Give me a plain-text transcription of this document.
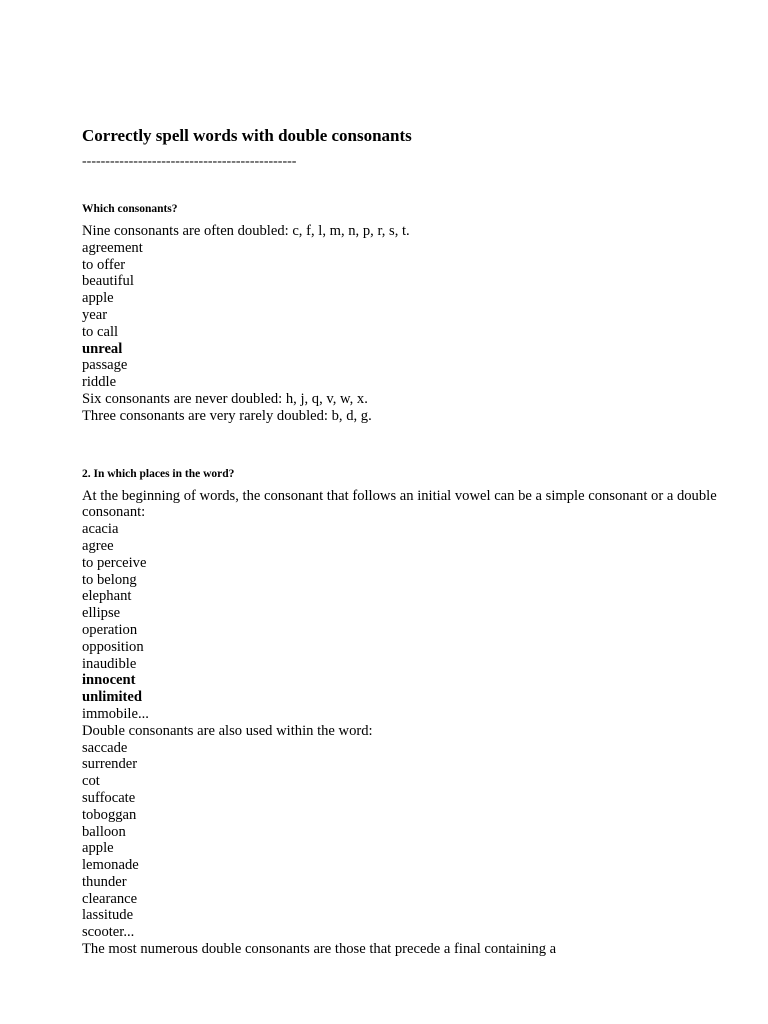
Correctly spell words with double consonants
----------------------------------------------
Which consonants?
Nine consonants are often doubled: c, f, l, m, n, p, r, s, t.
agreement
to offer
beautiful
apple
year
to call
unreal
passage
riddle
Six consonants are never doubled: h, j, q, v, w, x.
Three consonants are very rarely doubled: b, d, g.
2. In which places in the word?
At the beginning of words, the consonant that follows an initial vowel can be a simple consonant or a double consonant:
acacia
agree
to perceive
to belong
elephant
ellipse
operation
opposition
inaudible
innocent
unlimited
immobile...
Double consonants are also used within the word:
saccade
surrender
cot
suffocate
toboggan
balloon
apple
lemonade
thunder
clearance
lassitude
scooter...
The most numerous double consonants are those that precede a final containing a
